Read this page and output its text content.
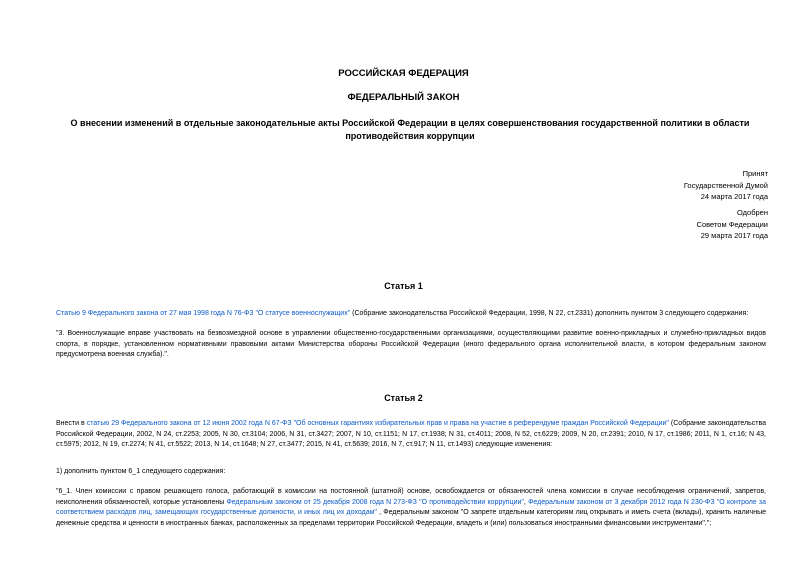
РОССИЙСКАЯ ФЕДЕРАЦИЯ
ФЕДЕРАЛЬНЫЙ ЗАКОН
О внесении изменений в отдельные законодательные акты Российской Федерации в целях совершенствования государственной политики в области
противодействия коррупции
Принят
Государственной Думой
24 марта 2017 года
Одобрен
Советом Федерации
29 марта 2017 года
Статья 1
Статью 9 Федерального закона от 27 мая 1998 года N 76-ФЗ "О статусе военнослужащих" (Собрание законодательства Российской Федерации, 1998, N 22, ст.2331) дополнить пунктом 3 следующего содержания:
"3. Военнослужащие вправе участвовать на безвозмездной основе в управлении общественно-государственными организациями, осуществляющими развитие военно-прикладных и служебно-прикладных видов спорта, в порядке, установленном нормативными правовыми актами Министерства обороны Российской Федерации (иного федерального органа исполнительной власти, в котором федеральным законом предусмотрена военная служба).".
Статья 2
Внести в статью 29 Федерального закона от 12 июня 2002 года N 67-ФЗ "Об основных гарантиях избирательных прав и права на участие в референдуме граждан Российской Федерации" (Собрание законодательства Российской Федерации, 2002, N 24, ст.2253; 2005, N 30, ст.3104; 2006, N 31, ст.3427; 2007, N 10, ст.1151; N 17, ст.1938; N 31, ст.4011; 2008, N 52, ст.6229; 2009, N 20, ст.2391; 2010, N 17, ст.1986; 2011, N 1, ст.16; N 43, ст.5975; 2012, N 19, ст.2274; N 41, ст.5522; 2013, N 14, ст.1648; N 27, ст.3477; 2015, N 41, ст.5639; 2016, N 7, ст.917; N 11, ст.1493) следующие изменения:
1) дополнить пунктом 6_1 следующего содержания:
"6_1. Член комиссии с правом решающего голоса, работающий в комиссии на постоянной (штатной) основе, освобождается от обязанностей члена комиссии в случае несоблюдения ограничений, запретов, неисполнения обязанностей, которые установлены Федеральным законом от 25 декабря 2008 года N 273-ФЗ "О противодействии коррупции", Федеральным законом от 3 декабря 2012 года N 230-ФЗ "О контроле за соответствием расходов лиц, замещающих государственные должности, и иных лиц их доходам" , Федеральным законом "О запрете отдельным категориям лиц открывать и иметь счета (вклады), хранить наличные денежные средства и ценности в иностранных банках, расположенных за пределами территории Российской Федерации, владеть и (или) пользоваться иностранными финансовыми инструментами".";
